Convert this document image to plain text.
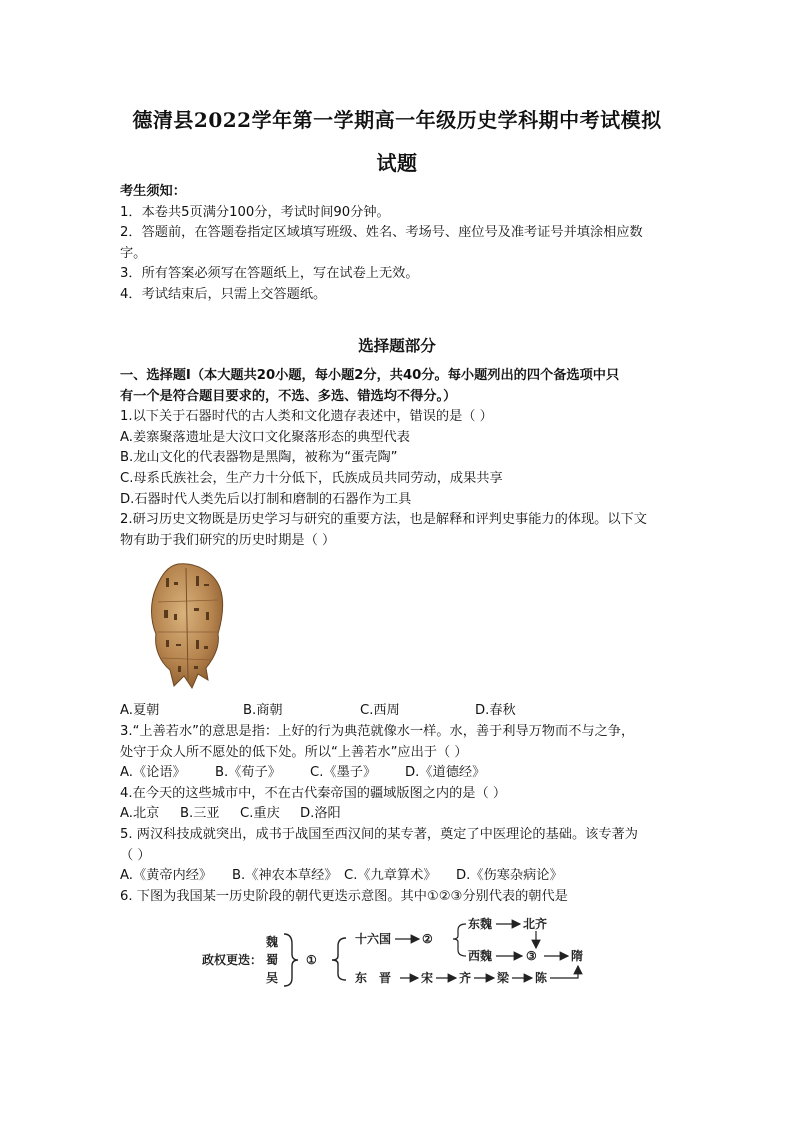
德清县2022学年第一学期高一年级历史学科期中考试模拟
试题
考生须知：
1．本卷共5页满分100分，考试时间90分钟。
2．答题前，在答题卷指定区域填写班级、姓名、考场号、座位号及准考证号并填涂相应数
字。
3．所有答案必须写在答题纸上，写在试卷上无效。
4．考试结束后，只需上交答题纸。
选择题部分
一、选择题Ⅰ（本大题共20小题，每小题2分，共40分。每小题列出的四个备选项中只
有一个是符合题目要求的，不选、多选、错选均不得分。）
1.以下关于石器时代的古人类和文化遗存表述中，错误的是（ ）
A.姜寨聚落遗址是大汶口文化聚落形态的典型代表
B.龙山文化的代表器物是黑陶，被称为“蛋壳陶”
C.母系氏族社会，生产力十分低下，氏族成员共同劳动，成果共享
D.石器时代人类先后以打制和磨制的石器作为工具
2.研习历史文物既是历史学习与研究的重要方法，也是解释和评判史事能力的体现。以下文
物有助于我们研究的历史时期是（ ）
A.夏朝	B.商朝	C.西周	D.春秋
3.“上善若水”的意思是指：上好的行为典范就像水一样。水，善于利导万物而不与之争，
处守于众人所不愿处的低下处。所以“上善若水”应出于（ ）
A.《论语》	B.《荀子》	C.《墨子》	D.《道德经》
4.在今天的这些城市中，不在古代秦帝国的疆域版图之内的是（ ）
A.北京	B.三亚	C.重庆	D.洛阳
5. 两汉科技成就突出，成书于战国至西汉间的某专著，奠定了中医理论的基础。该专著为
（ ）
A.《黄帝内经》	B.《神农本草经》 C.《九章算术》	D.《伤寒杂病论》
6. 下图为我国某一历史阶段的朝代更迭示意图。其中①②③分别代表的朝代是
政权更迭：
魏
蜀
吴
①
十六国	②
东魏	北齐
西魏	③	隋
东　晋 宋 齐 梁 陈
